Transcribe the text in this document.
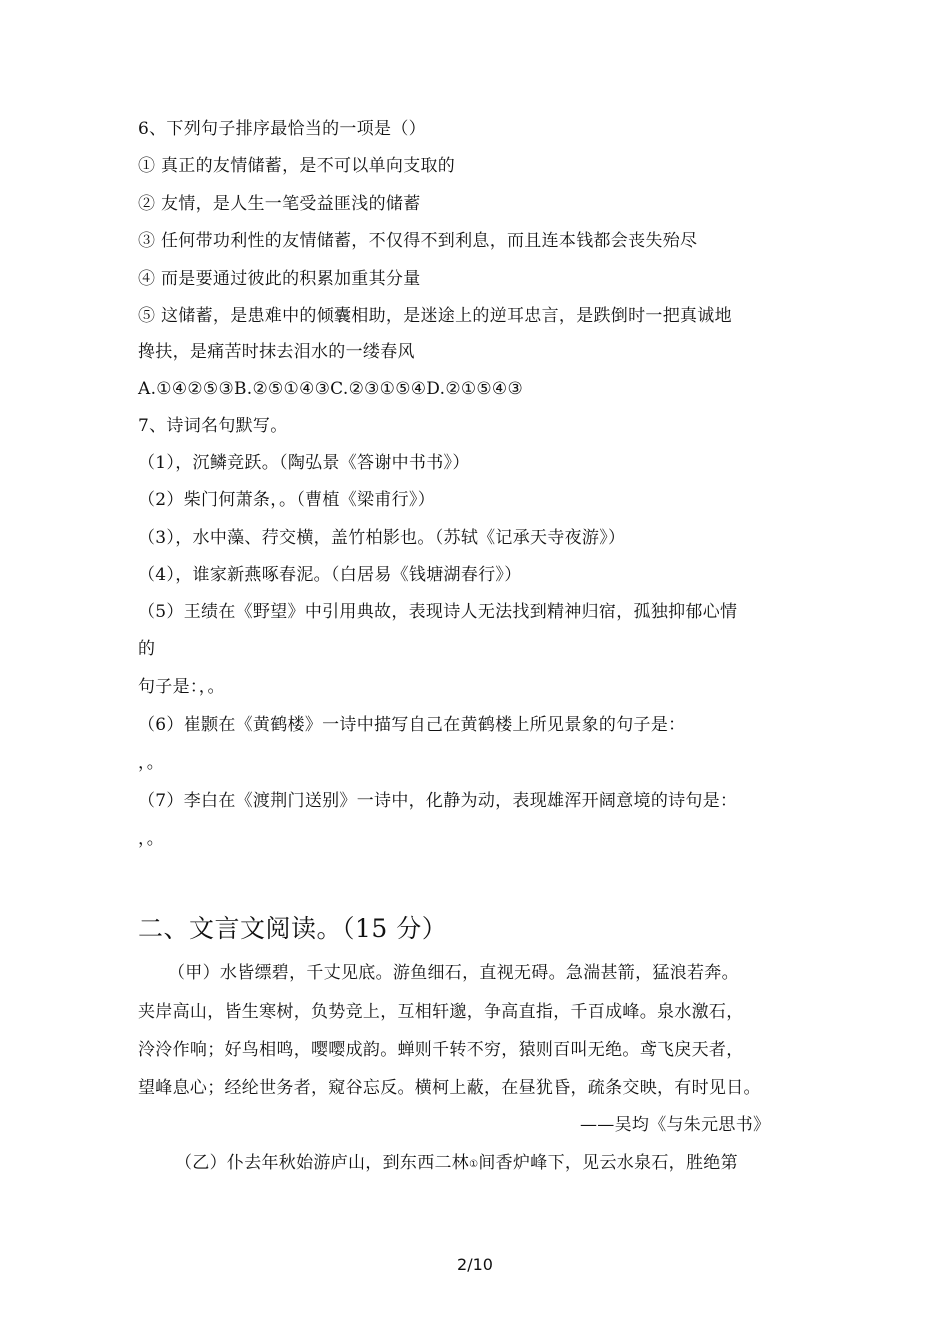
6、下列句子排序最恰当的一项是（）
① 真正的友情储蓄，是不可以单向支取的
② 友情，是人生一笔受益匪浅的储蓄
③ 任何带功利性的友情储蓄，不仅得不到利息，而且连本钱都会丧失殆尽
④ 而是要通过彼此的积累加重其分量
⑤ 这储蓄，是患难中的倾囊相助，是迷途上的逆耳忠言，是跌倒时一把真诚地
搀扶，是痛苦时抹去泪水的一缕春风
A.①④②⑤③B.②⑤①④③C.②③①⑤④D.②①⑤④③
7、诗词名句默写。
（1），沉鳞竞跃。（陶弘景《答谢中书书》）
（2）柴门何萧条，。（曹植《梁甫行》）
（3），水中藻、荇交横，盖竹柏影也。（苏轼《记承天寺夜游》）
（4），谁家新燕啄春泥。（白居易《钱塘湖春行》）
（5）王绩在《野望》中引用典故，表现诗人无法找到精神归宿，孤独抑郁心情
的
句子是：，。
（6）崔颢在《黄鹤楼》一诗中描写自己在黄鹤楼上所见景象的句子是：
，。
（7）李白在《渡荆门送别》一诗中，化静为动，表现雄浑开阔意境的诗句是：
，。
二、文言文阅读。（15 分）
（甲）水皆缥碧，千丈见底。游鱼细石，直视无碍。急湍甚箭，猛浪若奔。
夹岸高山，皆生寒树，负势竞上，互相轩邈，争高直指，千百成峰。泉水激石，
泠泠作响；好鸟相鸣，嘤嘤成韵。蝉则千转不穷，猿则百叫无绝。鸢飞戾天者，
望峰息心；经纶世务者，窥谷忘反。横柯上蔽，在昼犹昏，疏条交映，有时见日。
——吴均《与朱元思书》
（乙）仆去年秋始游庐山，到东西二林①间香炉峰下，见云水泉石，胜绝第
2/10
